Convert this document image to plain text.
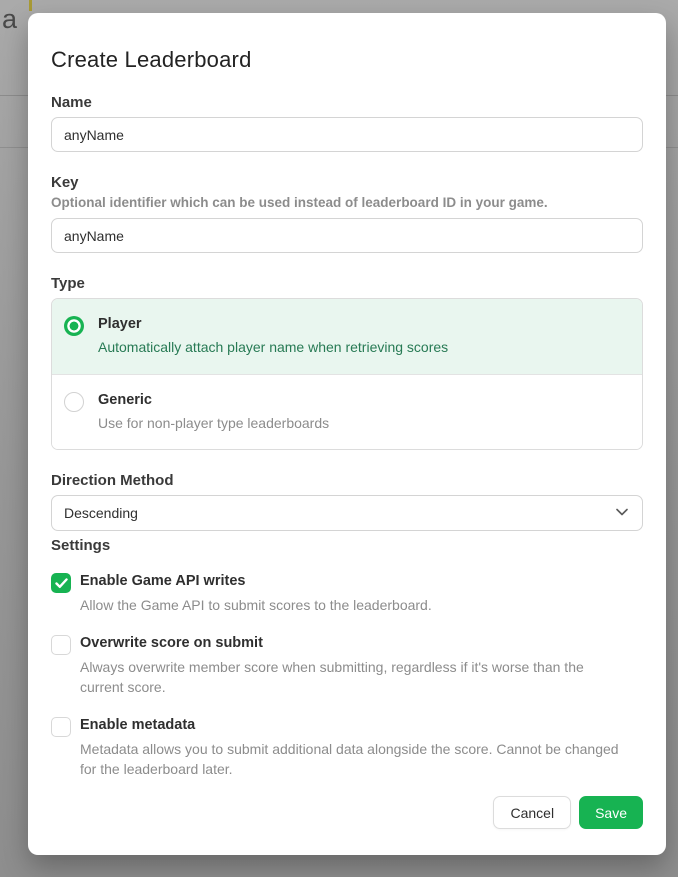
a
Create Leaderboard
Name
anyName
Key
Optional identifier which can be used instead of leaderboard ID in your game.
anyName
Type
Player
Automatically attach player name when retrieving scores
Generic
Use for non-player type leaderboards
Direction Method
Descending
Settings
Enable Game API writes
Allow the Game API to submit scores to the leaderboard.
Overwrite score on submit
Always overwrite member score when submitting, regardless if it's worse than the current score.
Enable metadata
Metadata allows you to submit additional data alongside the score. Cannot be changed for the leaderboard later.
Cancel	Save
